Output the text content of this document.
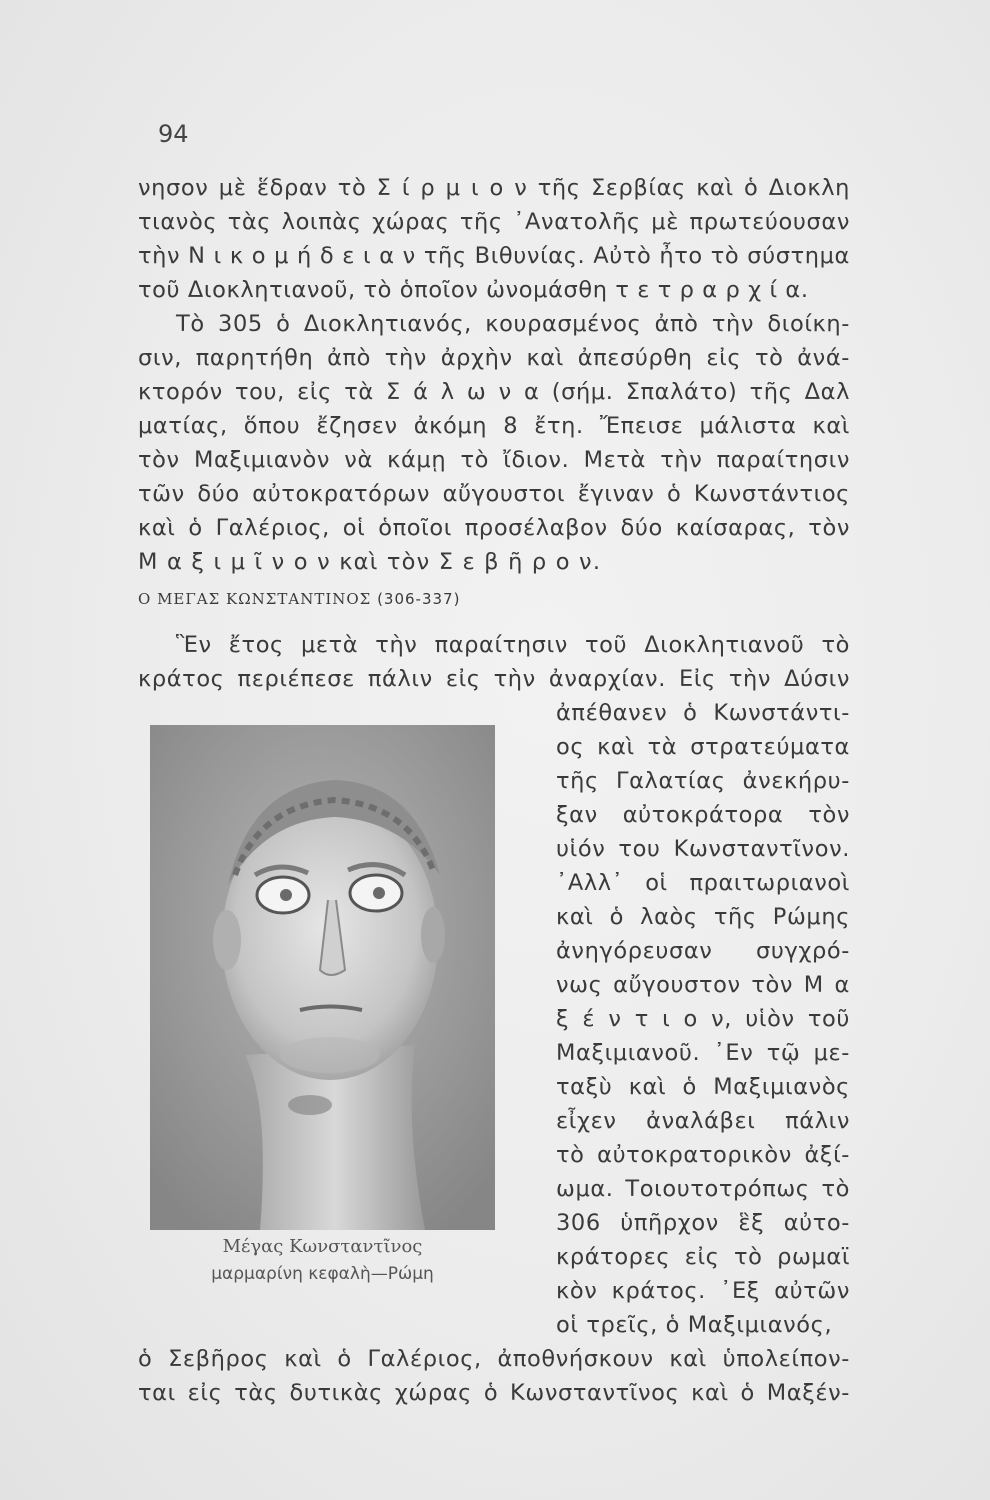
94
νησον μὲ ἕδραν τὸ Σ ί ρ μ ι ο ν τῆς Σερβίας καὶ ὁ Διοκλη
τιανὸς τὰς λοιπὰς χώρας τῆς ᾿Ανατολῆς μὲ πρωτεύουσαν
τὴν Ν ι κ ο μ ή δ ε ι α ν τῆς Βιθυνίας. Αὐτὸ ἦτο τὸ σύστημα
τοῦ Διοκλητιανοῦ, τὸ ὁποῖον ὠνομάσθη τ ε τ ρ α ρ χ ί α.
Τὸ 305 ὁ Διοκλητιανός, κουρασμένος ἀπὸ τὴν διοίκη-
σιν, παρητήθη ἀπὸ τὴν ἀρχὴν καὶ ἀπεσύρθη εἰς τὸ ἀνά-
κτορόν του, εἰς τὰ Σ ά λ ω ν α (σήμ. Σπαλάτο) τῆς Δαλ
ματίας, ὅπου ἔζησεν ἀκόμη 8 ἔτη. Ἔπεισε μάλιστα καὶ
τὸν Μαξιμιανὸν νὰ κάμῃ τὸ ἴδιον. Μετὰ τὴν παραίτησιν
τῶν δύο αὐτοκρατόρων αὔγουστοι ἔγιναν ὁ Κωνστάντιος
καὶ ὁ Γαλέριος, οἱ ὁποῖοι προσέλαβον δύο καίσαρας, τὸν
Μ α ξ ι μ ῖ ν ο ν καὶ τὸν Σ ε β ῆ ρ ο ν.
Ο ΜΕΓΑΣ ΚΩΝΣΤΑΝΤΙΝΟΣ (306-337)
Ἓν ἔτος μετὰ τὴν παραίτησιν τοῦ Διοκλητιανοῦ τὸ
κράτος περιέπεσε πάλιν εἰς τὴν ἀναρχίαν. Εἰς τὴν Δύσιν
ἀπέθανεν ὁ Κωνστάντι-
ος καὶ τὰ στρατεύματα
τῆς Γαλατίας ἀνεκήρυ-
ξαν αὐτοκράτορα τὸν
υἱόν του Κωνσταντῖνον.
᾿Αλλ᾿ οἱ πραιτωριανοὶ
καὶ ὁ λαὸς τῆς Ρώμης
ἀνηγόρευσαν συγχρό-
νως αὔγουστον τὸν Μ α
ξ έ ν τ ι ο ν, υἱὸν τοῦ
Μαξιμιανοῦ. ᾿Εν τῷ με-
ταξὺ καὶ ὁ Μαξιμιανὸς
εἶχεν ἀναλάβει πάλιν
τὸ αὐτοκρατορικὸν ἀξί-
ωμα. Τοιουτοτρόπως τὸ
306 ὑπῆρχον ἓξ αὐτο-
κράτορες εἰς τὸ ρωμαϊ
κὸν κράτος. ᾿Εξ αὐτῶν
οἱ τρεῖς, ὁ Μαξιμιανός,
ὁ Σεβῆρος καὶ ὁ Γαλέριος, ἀποθνήσκουν καὶ ὑπολείπον-
ται εἰς τὰς δυτικὰς χώρας ὁ Κωνσταντῖνος καὶ ὁ Μαξέν-
Μέγας Κωνσταντῖνος
μαρμαρίνη κεφαλὴ—Ρώμη
